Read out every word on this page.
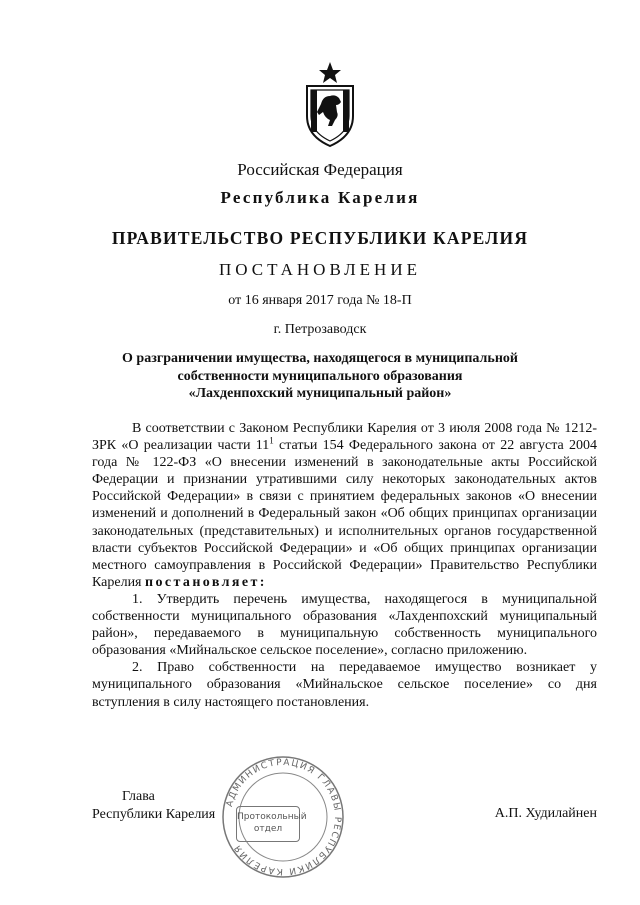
Российская Федерация
Республика Карелия
ПРАВИТЕЛЬСТВО РЕСПУБЛИКИ КАРЕЛИЯ
ПОСТАНОВЛЕНИЕ
от 16 января 2017 года № 18-П
г. Петрозаводск
О разграничении имущества, находящегося в муниципальной
собственности муниципального образования
«Лахденпохский муниципальный район»

В соответствии с Законом Республики Карелия от 3 июля 2008 года № 1212-ЗРК «О реализации части $11^1$ статьи 154 Федерального закона от 22 августа 2004 года № 122-ФЗ «О внесении изменений в законодательные акты Российской Федерации и признании утратившими силу некоторых законодательных актов Российской Федерации» в связи с принятием федеральных законов «О внесении изменений и дополнений в Федеральный закон «Об общих принципах организации законодательных (представительных) и исполнительных органов государственной власти субъектов Российской Федерации» и «Об общих принципах организации местного самоуправления в Российской Федерации» Правительство Республики Карелия постановляет:

1. Утвердить перечень имущества, находящегося в муниципальной собственности муниципального образования «Лахденпохский муниципальный район», передаваемого в муниципальную собственность муниципального образования «Мийнальское сельское поселение», согласно приложению.

2. Право собственности на передаваемое имущество возникает у муниципального образования «Мийнальское сельское поселение» со дня вступления в силу настоящего постановления.

Глава
Республики Карелия	А.П. Худилайнен
АДМИНИСТРАЦИЯ ГЛАВЫ РЕСПУБЛИКИ КАРЕЛИЯ
Протокольный
отдел
